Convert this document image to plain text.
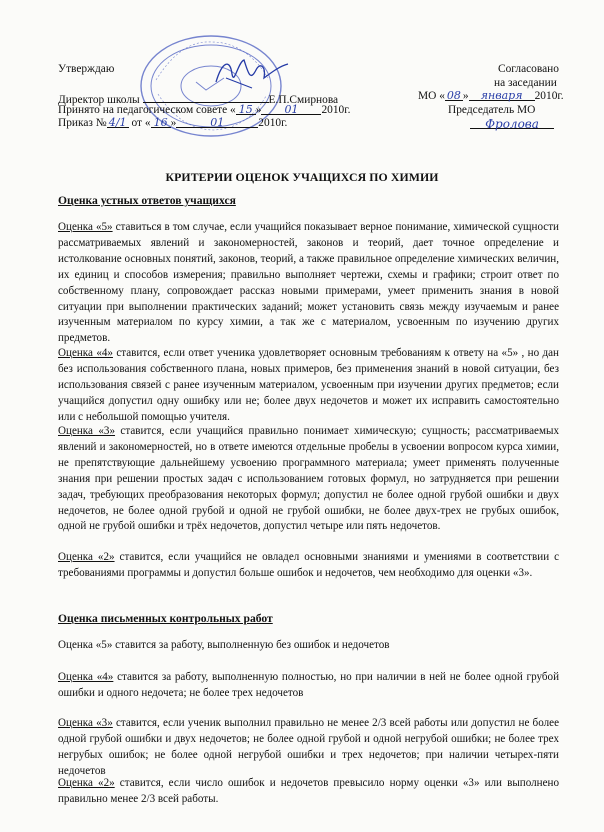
Утверждаю
Директор школы	Е.П.Смирнова
Принято на педагогическом совете « 15 » 01 2010г.
Приказ № 4/1 от « 16 »	01	2010г.
Согласовано
на заседании
МО « 08 » января 2010г.
Председатель МО
Фролова
КРИТЕРИИ ОЦЕНОК УЧАЩИХСЯ ПО ХИМИИ
Оценка устных ответов учащихся
Оценка «5» ставиться в том случае, если учащийся показывает верное понимание, химической сущности рассматриваемых явлений и закономерностей, законов и теорий, дает точное определение и истолкование основных понятий, законов, теорий, а также правильное определение химических величин, их единиц и способов измерения; правильно выполняет чертежи, схемы и графики; строит ответ по собственному плану, сопровождает рассказ новыми примерами, умеет применить знания в новой ситуации при выполнении практических заданий; может установить связь между изучаемым и ранее изученным материалом по курсу химии, а так же с материалом, усвоенным по изучению других предметов.
Оценка «4» ставится, если ответ ученика удовлетворяет основным требованиям к ответу на «5» , но дан без использования собственного плана, новых примеров, без применения знаний в новой ситуации, без использования связей с ранее изученным материалом, усвоенным при изучении других предметов; если учащийся допустил одну ошибку или не; более двух недочетов и может их исправить самостоятельно или с небольшой помощью учителя.
Оценка «3» ставится, если учащийся правильно понимает химическую; сущность; рассматриваемых явлений и закономерностей, но в ответе имеются отдельные пробелы в усвоении вопросом курса химии, не препятствующие дальнейшему усвоению программного материала; умеет применять полученные знания при решении простых задач с использованием готовых формул, но затрудняется при решении задач, требующих преобразования некоторых формул; допустил не более одной грубой ошибки и двух недочетов, не более одной грубой и одной не грубой ошибки, не более двух-трех не грубых ошибок, одной не грубой ошибки и трёх недочетов, допустил четыре или пять недочетов.
Оценка «2» ставится, если учащийся не овладел основными знаниями и умениями в соответствии с требованиями программы и допустил больше ошибок и недочетов, чем необходимо для оценки «3».
Оценка письменных контрольных работ
Оценка «5» ставится за работу, выполненную без ошибок и недочетов
Оценка «4» ставится за работу, выполненную полностью, но при наличии в ней не более одной грубой ошибки и одного недочета; не более трех недочетов
Оценка «3» ставится, если ученик выполнил правильно не менее 2/3 всей работы или допустил не более одной грубой ошибки и двух недочетов; не более одной грубой и одной негрубой ошибки; не более трех негрубых ошибок; не более одной негрубой ошибки и трех недочетов; при наличии четырех-пяти недочетов
Оценка «2» ставится, если число ошибок и недочетов превысило норму оценки «3» или выполнено правильно менее 2/3 всей работы.
